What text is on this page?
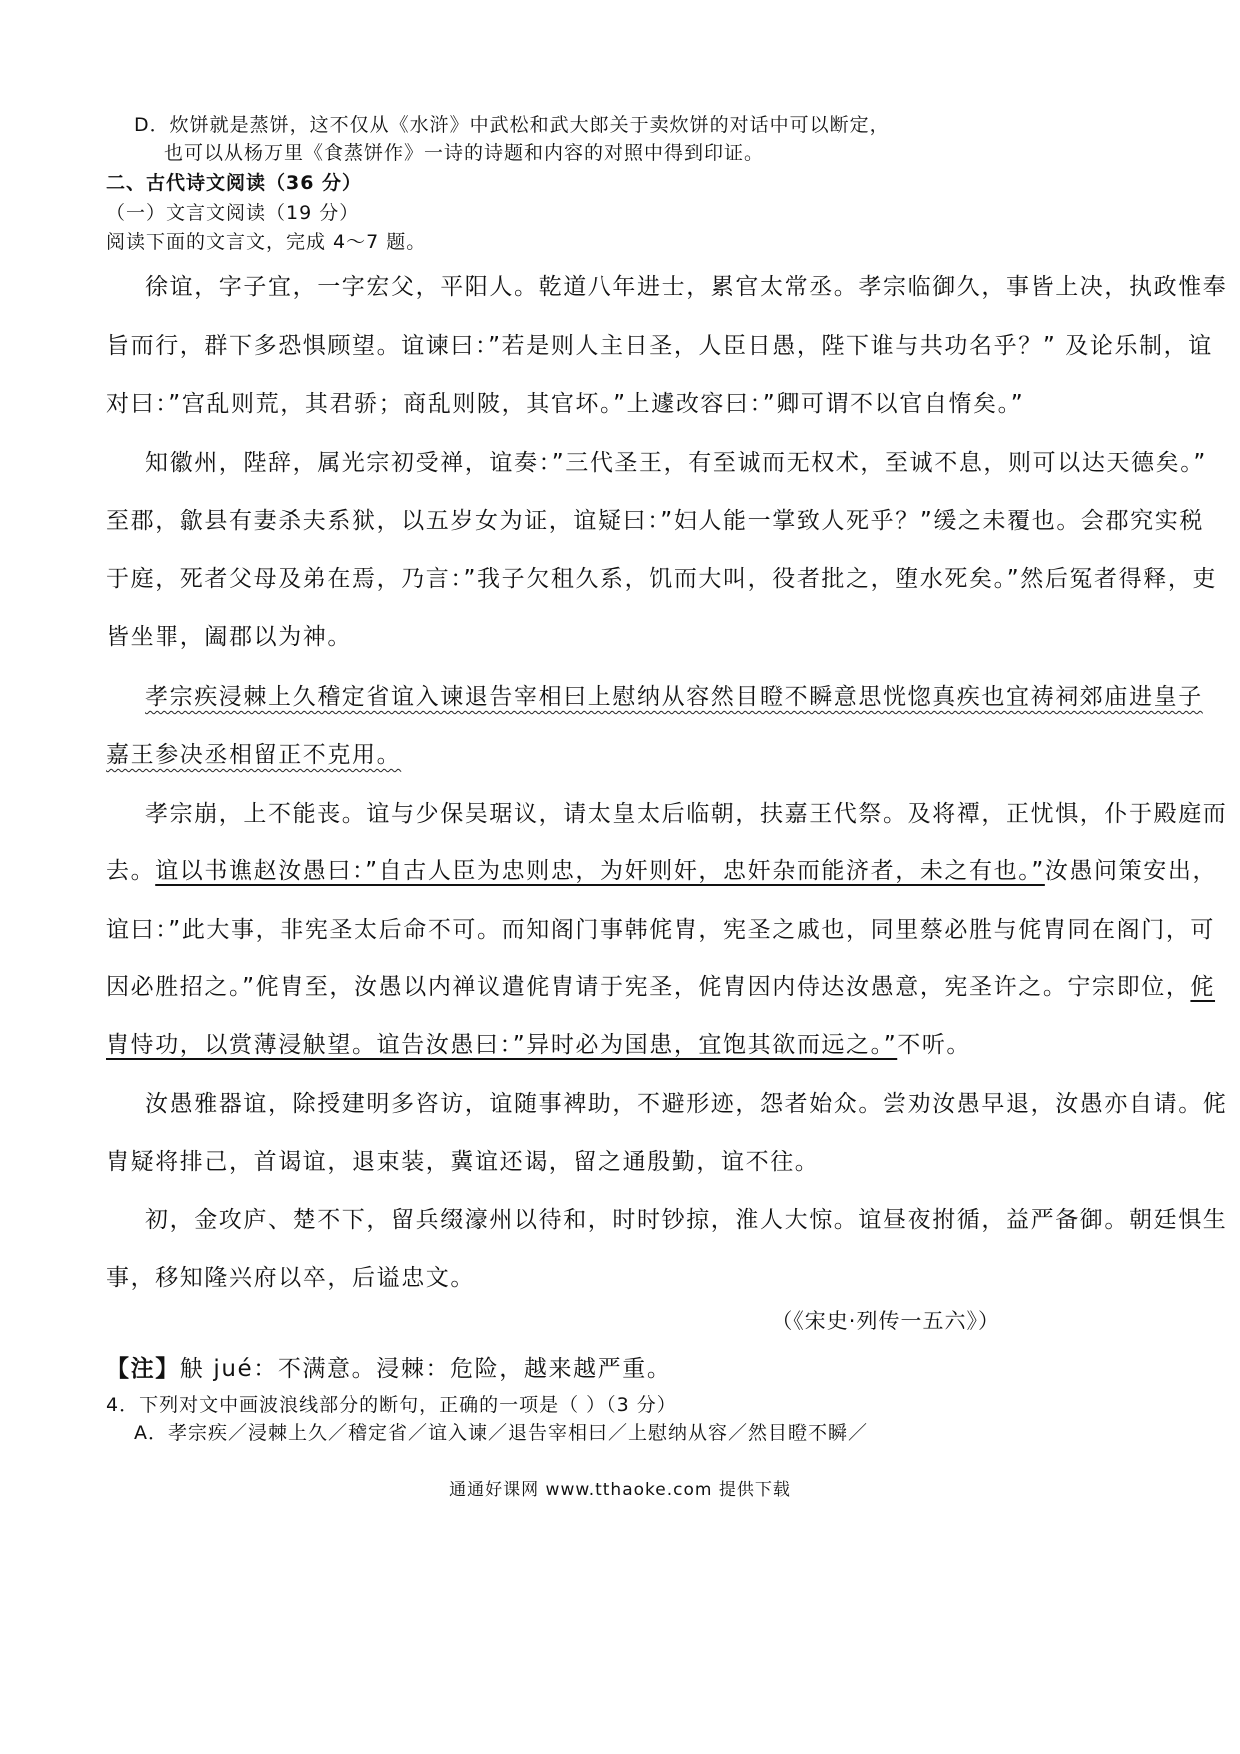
D．炊饼就是蒸饼，这不仅从《水浒》中武松和武大郎关于卖炊饼的对话中可以断定，
也可以从杨万里《食蒸饼作》一诗的诗题和内容的对照中得到印证。
二、古代诗文阅读（36 分）
（一）文言文阅读（19 分）
阅读下面的文言文，完成 4～7 题。
徐谊，字子宜，一字宏父，平阳人。乾道八年进士，累官太常丞。孝宗临御久，事皆上决，执政惟奉
旨而行，群下多恐惧顾望。谊谏曰：”若是则人主日圣，人臣日愚，陛下谁与共功名乎？” 及论乐制，谊
对曰：”宫乱则荒，其君骄；商乱则陂，其官坏。”上遽改容曰：”卿可谓不以官自惰矣。”
知徽州，陛辞，属光宗初受禅，谊奏：”三代圣王，有至诚而无权术，至诚不息，则可以达天德矣。”
至郡，歙县有妻杀夫系狱，以五岁女为证，谊疑曰：”妇人能一掌致人死乎？”缓之未覆也。会郡究实税
于庭，死者父母及弟在焉，乃言：”我子欠租久系，饥而大叫，役者批之，堕水死矣。”然后冤者得释，吏
皆坐罪，阖郡以为神。
孝宗疾浸棘上久稽定省谊入谏退告宰相曰上慰纳从容然目瞪不瞬意思恍惚真疾也宜祷祠郊庙进皇子
嘉王参决丞相留正不克用。
孝宗崩，上不能丧。谊与少保吴琚议，请太皇太后临朝，扶嘉王代祭。及将禫，正忧惧，仆于殿庭而
去。谊以书谯赵汝愚曰：”自古人臣为忠则忠，为奸则奸，忠奸杂而能济者，未之有也。”汝愚问策安出，
谊曰：”此大事，非宪圣太后命不可。而知阁门事韩侂胄，宪圣之戚也，同里蔡必胜与侂胄同在阁门，可
因必胜招之。”侂胄至，汝愚以内禅议遣侂胄请于宪圣，侂胄因内侍达汝愚意，宪圣许之。宁宗即位，侂
胄恃功，以赏薄浸觖望。谊告汝愚曰：”异时必为国患，宜饱其欲而远之。”不听。
汝愚雅器谊，除授建明多咨访，谊随事裨助，不避形迹，怨者始众。尝劝汝愚早退，汝愚亦自请。侂
胄疑将排己，首谒谊，退束装，冀谊还谒，留之通殷勤，谊不往。
初，金攻庐、楚不下，留兵缀濠州以待和，时时钞掠，淮人大惊。谊昼夜拊循，益严备御。朝廷惧生
事，移知隆兴府以卒，后谥忠文。
（《宋史·列传一五六》）
【注】觖 jué：不满意。浸棘：危险，越来越严重。
4．下列对文中画波浪线部分的断句，正确的一项是（ ）（3 分）
A．孝宗疾／浸棘上久／稽定省／谊入谏／退告宰相曰／上慰纳从容／然目瞪不瞬／
通通好课网 www.tthaoke.com 提供下载
